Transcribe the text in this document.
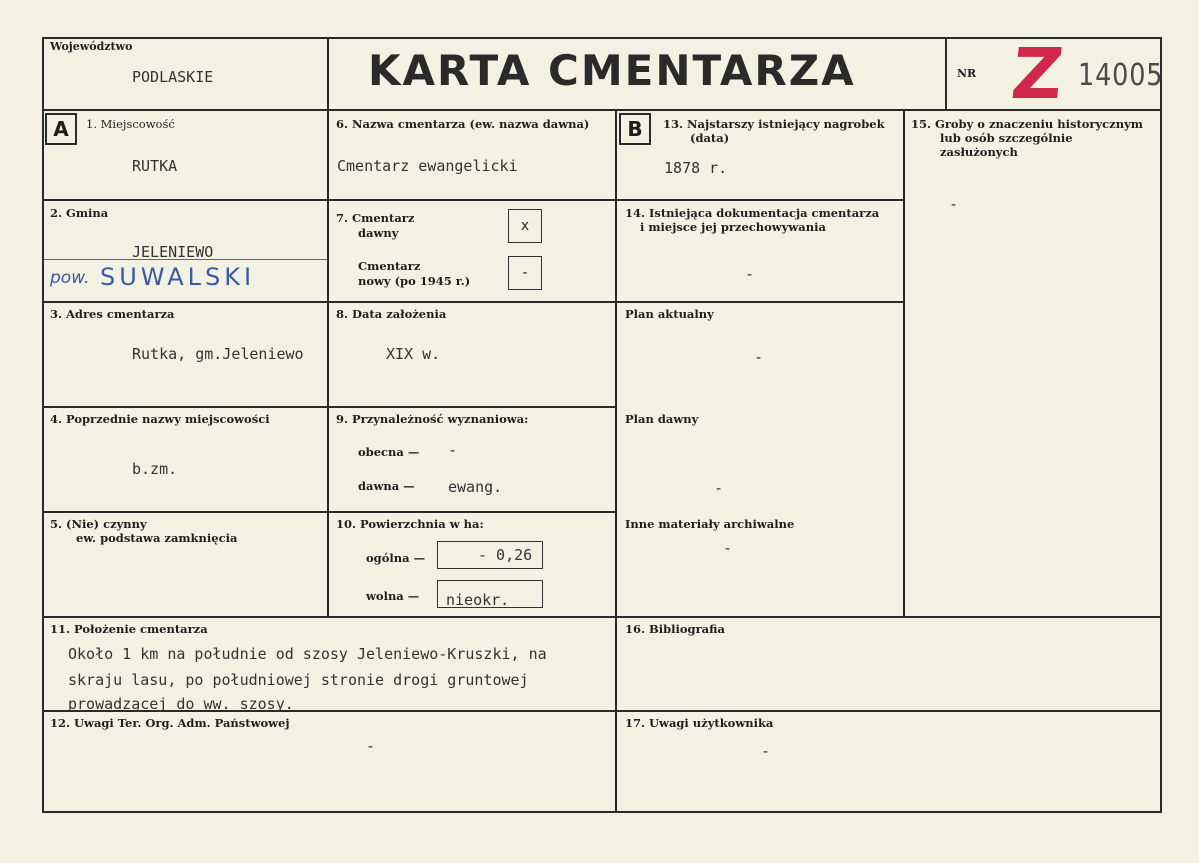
Województwo
PODLASKIE	KARTA CMENTARZA	NR Z 14005
A	B
1. Miejscowość
RUTKA
2. Gmina
JELENIEWO
pow. SUWALSKI
3. Adres cmentarza
Rutka, gm.Jeleniewo
4. Poprzednie nazwy miejscowości
b.zm.
5. (Nie) czynny
ew. podstawa zamknięcia
6. Nazwa cmentarza (ew. nazwa dawna)
Cmentarz ewangelicki
7. Cmentarz
dawny	x
Cmentarz
nowy (po 1945 r.)	-
8. Data założenia
XIX w.
9. Przynależność wyznaniowa:
obecna — -
dawna — ewang.
10. Powierzchnia w ha:
ogólna —	- 0,26
wolna — nieokr.
11. Położenie cmentarza
Około 1 km na południe od szosy Jeleniewo-Kruszki, na
skraju lasu, po południowej stronie drogi gruntowej
prowadzącej do ww. szosy.
12. Uwagi Ter. Org. Adm. Państwowej
-
13. Najstarszy istniejący nagrobek
(data)
1878 r.
14. Istniejąca dokumentacja cmentarza
i miejsce jej przechowywania
-
Plan aktualny
-
Plan dawny
-
Inne materiały archiwalne
-
15. Groby o znaczeniu historycznym
lub osób szczególnie
zasłużonych
-
16. Bibliografia
17. Uwagi użytkownika
-
